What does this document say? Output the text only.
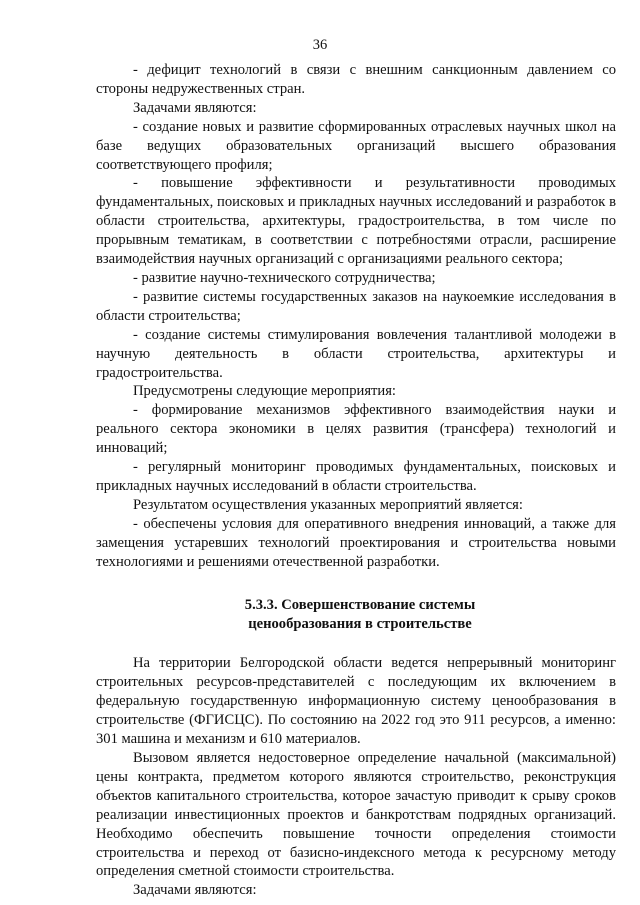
36

- дефицит технологий в связи с внешним санкционным давлением со стороны недружественных стран.

Задачами являются:

- создание новых и развитие сформированных отраслевых научных школ на базе ведущих образовательных организаций высшего образования соответствующего профиля;

- повышение эффективности и результативности проводимых фундаментальных, поисковых и прикладных научных исследований и разработок в области строительства, архитектуры, градостроительства, в том числе по прорывным тематикам, в соответствии с потребностями отрасли, расширение взаимодействия научных организаций с организациями реального сектора;

- развитие научно-технического сотрудничества;

- развитие системы государственных заказов на наукоемкие исследования в области строительства;

- создание системы стимулирования вовлечения талантливой молодежи в научную деятельность в области строительства, архитектуры и градостроительства.

Предусмотрены следующие мероприятия:

- формирование механизмов эффективного взаимодействия науки и реального сектора экономики в целях развития (трансфера) технологий и инноваций;

- регулярный мониторинг проводимых фундаментальных, поисковых и прикладных научных исследований в области строительства.

Результатом осуществления указанных мероприятий является:

- обеспечены условия для оперативного внедрения инноваций, а также для замещения устаревших технологий проектирования и строительства новыми технологиями и решениями отечественной разработки.

5.3.3. Совершенствование системы
ценообразования в строительстве

На территории Белгородской области ведется непрерывный мониторинг строительных ресурсов-представителей с последующим их включением в федеральную государственную информационную систему ценообразования в строительстве (ФГИСЦС). По состоянию на 2022 год это 911 ресурсов, а именно: 301 машина и механизм и 610 материалов.

Вызовом является недостоверное определение начальной (максимальной) цены контракта, предметом которого являются строительство, реконструкция объектов капитального строительства, которое зачастую приводит к срыву сроков реализации инвестиционных проектов и банкротствам подрядных организаций. Необходимо обеспечить повышение точности определения стоимости строительства и переход от базисно-индексного метода к ресурсному методу определения сметной стоимости строительства.

Задачами являются:
